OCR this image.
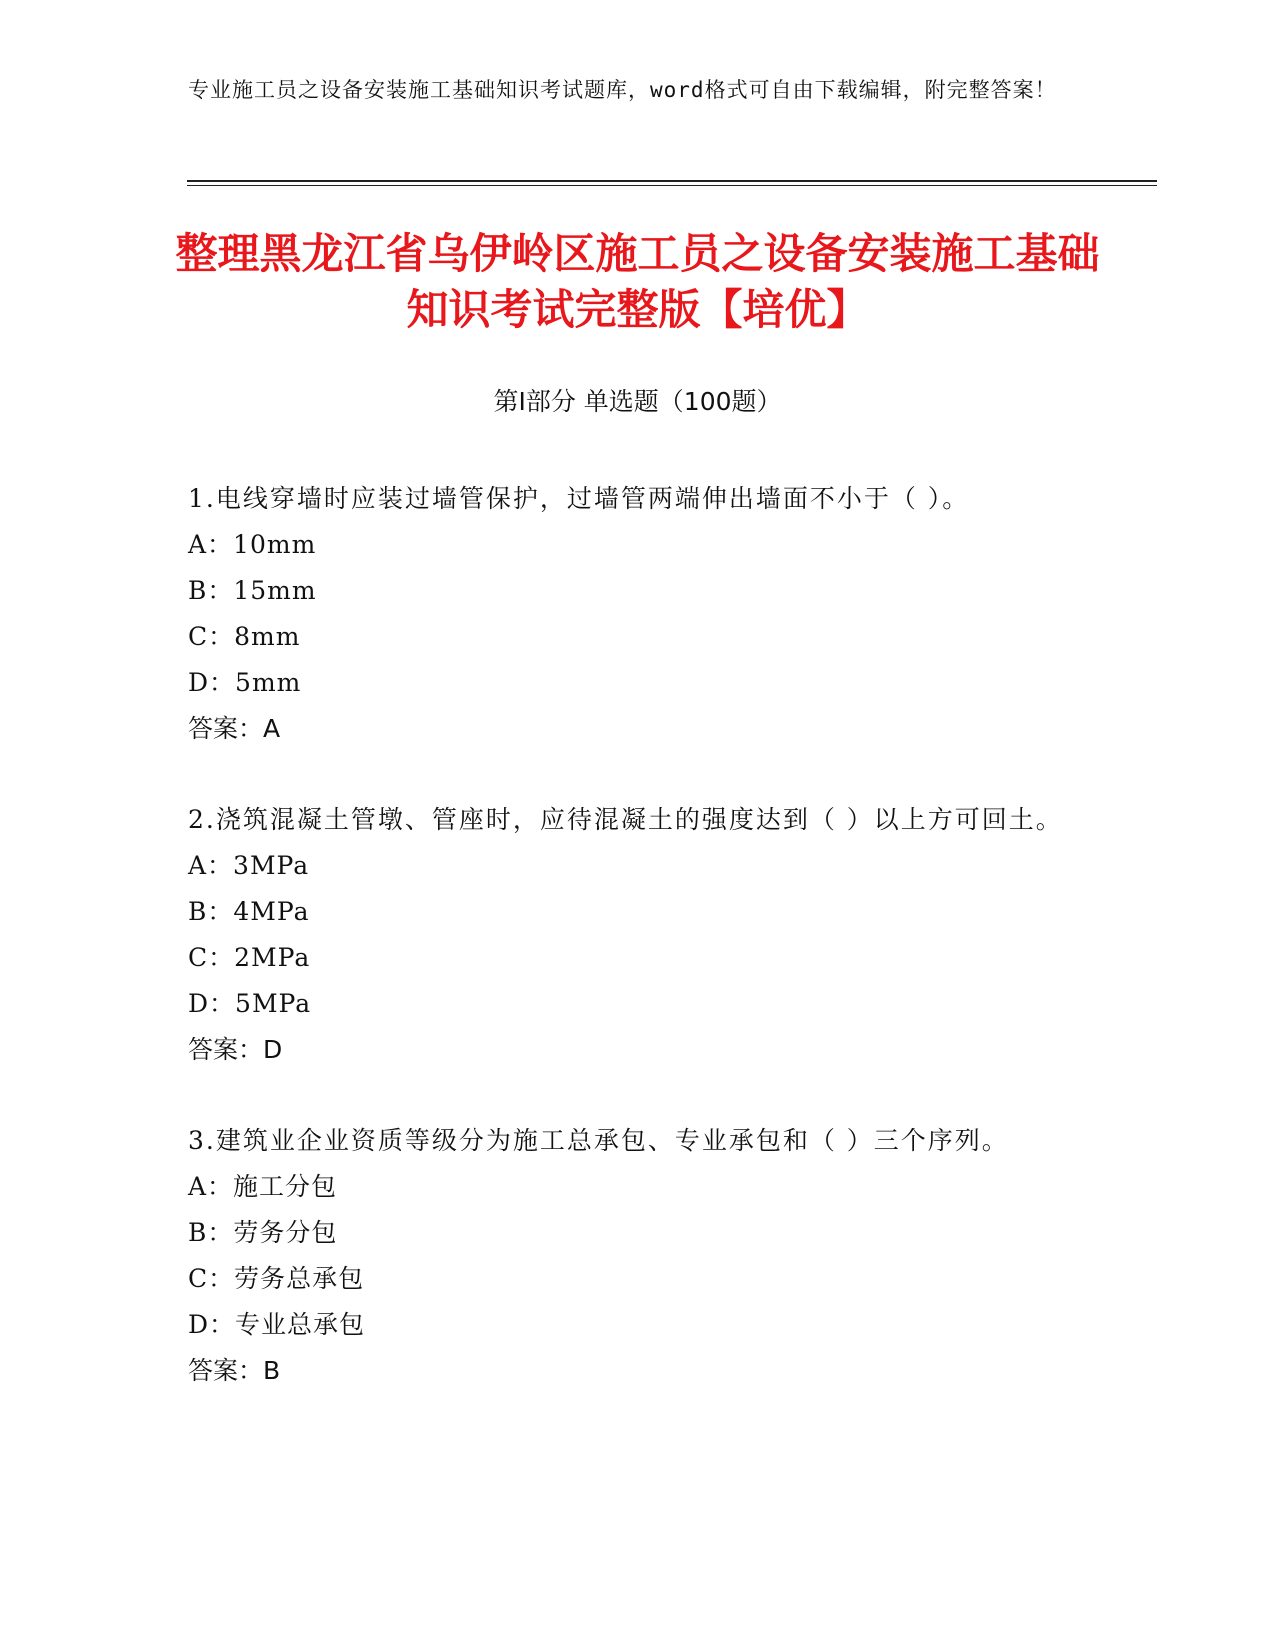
专业施工员之设备安装施工基础知识考试题库，word格式可自由下载编辑，附完整答案！
整理黑龙江省乌伊岭区施工员之设备安装施工基础知识考试完整版【培优】
第Ⅰ部分 单选题（100题）

1.电线穿墙时应装过墙管保护，过墙管两端伸出墙面不小于（ ）。

A：10mm

B：15mm

C：8mm

D：5mm

答案：A

2.浇筑混凝土管墩、管座时，应待混凝土的强度达到（ ）以上方可回土。

A：3MPa

B：4MPa

C：2MPa

D：5MPa

答案：D

3.建筑业企业资质等级分为施工总承包、专业承包和（ ）三个序列。

A：施工分包

B：劳务分包

C：劳务总承包

D：专业总承包

答案：B
